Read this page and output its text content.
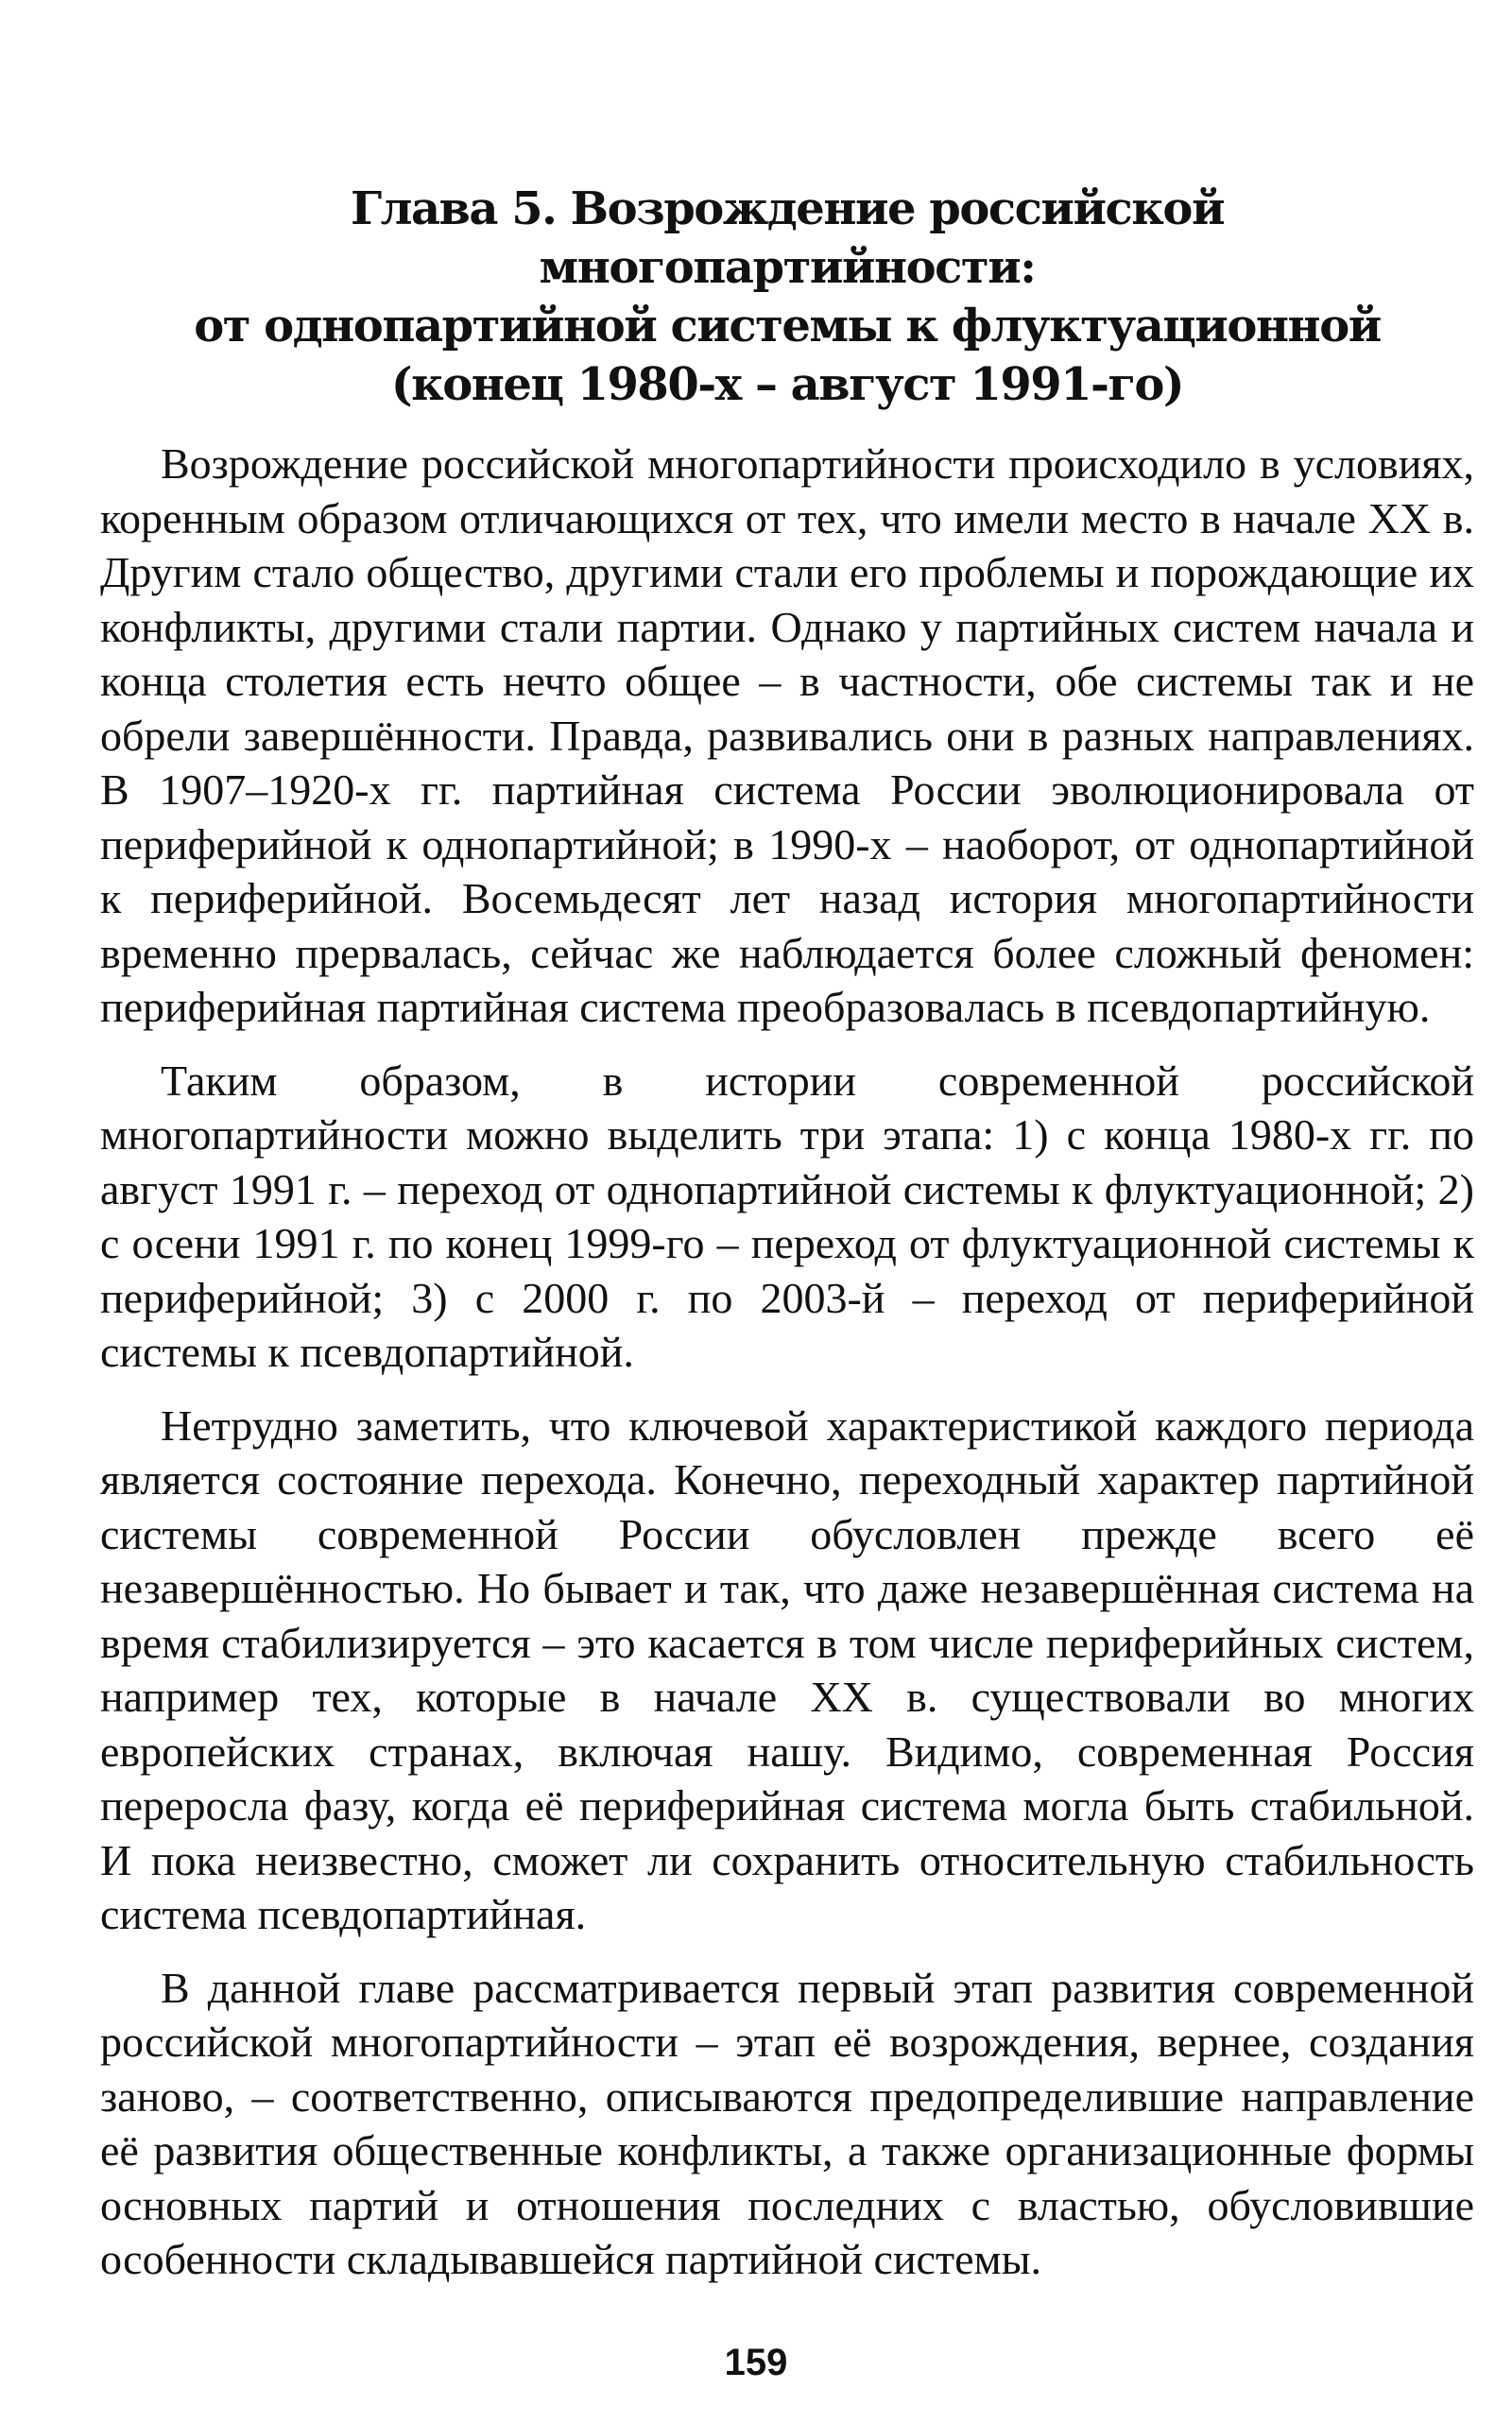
Глава 5. Возрождение российской многопартийности:
от однопартийной системы к флуктуационной
(конец 1980-х – август 1991-го)

Возрождение российской многопартийности происходило в условиях, коренным образом отличающихся от тех, что имели место в начале XX в. Другим стало общество, другими стали его проблемы и порождающие их конфликты, другими стали партии. Однако у партийных систем начала и конца столетия есть нечто общее – в частности, обе системы так и не обрели завершённости. Правда, развивались они в разных направлениях. В 1907–1920-х гг. партийная система России эволюционировала от периферийной к однопартийной; в 1990-х – наоборот, от однопартийной к периферийной. Восемьдесят лет назад история многопартийности временно прервалась, сейчас же наблюдается более сложный феномен: периферийная партийная система преобразовалась в псевдопартийную.

Таким образом, в истории современной российской многопартийности можно выделить три этапа: 1) с конца 1980-х гг. по август 1991 г. – переход от однопартийной системы к флуктуационной; 2) с осени 1991 г. по конец 1999-го – переход от флуктуационной системы к периферийной; 3) с 2000 г. по 2003-й – переход от периферийной системы к псевдопартийной.

Нетрудно заметить, что ключевой характеристикой каждого периода является состояние перехода. Конечно, переходный характер партийной системы современной России обусловлен прежде всего её незавершённостью. Но бывает и так, что даже незавершённая система на время стабилизируется – это касается в том числе периферийных систем, например тех, которые в начале XX в. существовали во многих европейских странах, включая нашу. Видимо, современная Россия переросла фазу, когда её периферийная система могла быть стабильной. И пока неизвестно, сможет ли сохранить относительную стабильность система псевдопартийная.

В данной главе рассматривается первый этап развития современной российской многопартийности – этап её возрождения, вернее, создания заново, – соответственно, описываются предопределившие направление её развития общественные конфликты, а также организационные формы основных партий и отношения последних с властью, обусловившие особенности складывавшейся партийной системы.

159
